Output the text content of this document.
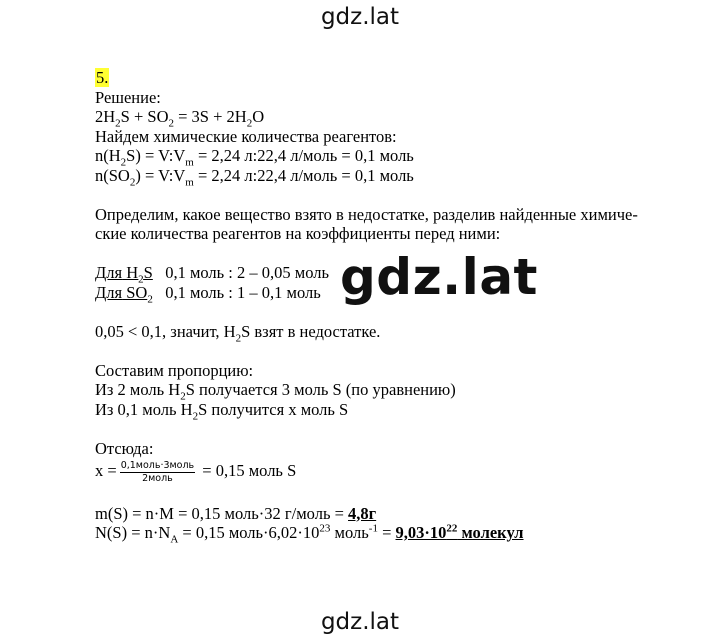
gdz.lat
gdz.lat
gdz.lat
5.
Решение:
$2H_2S + SO_2 = 3S + 2H_2O$
Найдем химические количества реагентов:
$n(H_2S)$ = $V:V_m = 2,24$ л:22,4 л/моль = 0,1 моль
$n(SO_2)$ = $V:V_m = 2,24$ л:22,4 л/моль = 0,1 моль
Определим, какое вещество взято в недостатке, разделив найденные химиче-
ские количества реагентов на коэффициенты перед ними:
Для $H_2S$ 0,1 моль : 2 – 0,05 моль
Для $SO_2$ 0,1 моль : 1 – 0,1 моль
0,05 < 0,1, значит, $H_2S$ взят в недостатке.
Составим пропорцию:
Из 2 моль $H_2S$ получается 3 моль S (по уравнению)
Из 0,1 моль $H_2S$ получится x моль S
Отсюда:
$x = \frac{\text{0,1моль·3моль}}{\text{2моль}} = 0,15$ моль S
m(S) = n·M = 0,15 моль·32 г/моль = 4,8г
$N(S) = n\cdot N_A = 0,15$ $моль\cdot 6,02\cdot 10^{23}$ моль$^{-1}$ = $9,03\cdot 10^{22}$ молекул
